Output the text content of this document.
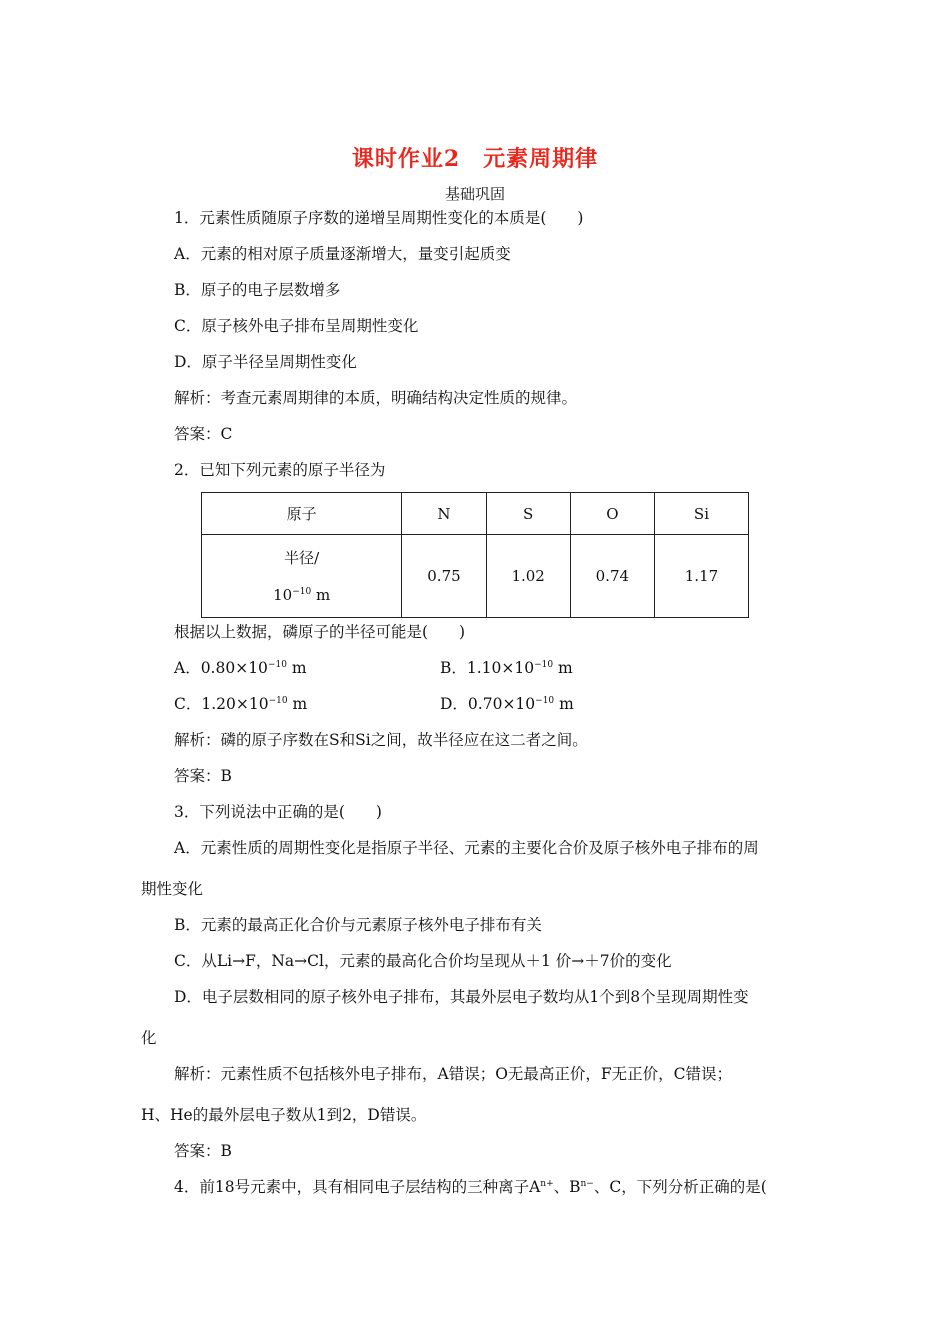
课时作业2　元素周期律
基础巩固
1．元素性质随原子序数的递增呈周期性变化的本质是(　　)
A．元素的相对原子质量逐渐增大，量变引起质变
B．原子的电子层数增多
C．原子核外电子排布呈周期性变化
D．原子半径呈周期性变化
解析：考查元素周期律的本质，明确结构决定性质的规律。
答案：C
2．已知下列元素的原子半径为
原子	N	S	O	Si

半径/
$10^{-10}$ m	0.75	1.02	0.74	1.17
根据以上数据，磷原子的半径可能是(　　)
A．$0.80\times 10^{-10}$ m	B．$1.10\times 10^{-10}$ m
C．$1.20\times 10^{-10}$ m	D．$0.70\times 10^{-10}$ m
解析：磷的原子序数在S和Si之间，故半径应在这二者之间。
答案：B
3．下列说法中正确的是(　　)
A．元素性质的周期性变化是指原子半径、元素的主要化合价及原子核外电子排布的周
期性变化
B．元素的最高正化合价与元素原子核外电子排布有关
C．从Li→F，Na→Cl，元素的最高化合价均呈现从＋1 价→＋7价的变化
D．电子层数相同的原子核外电子排布，其最外层电子数均从1个到8个呈现周期性变
化
解析：元素性质不包括核外电子排布，A错误；O无最高正价，F无正价，C错误；
H、He的最外层电子数从1到2，D错误。
答案：B
4．前18号元素中，具有相同电子层结构的三种离子$A^{n+}$、$B^{n-}$、C，下列分析正确的是(
